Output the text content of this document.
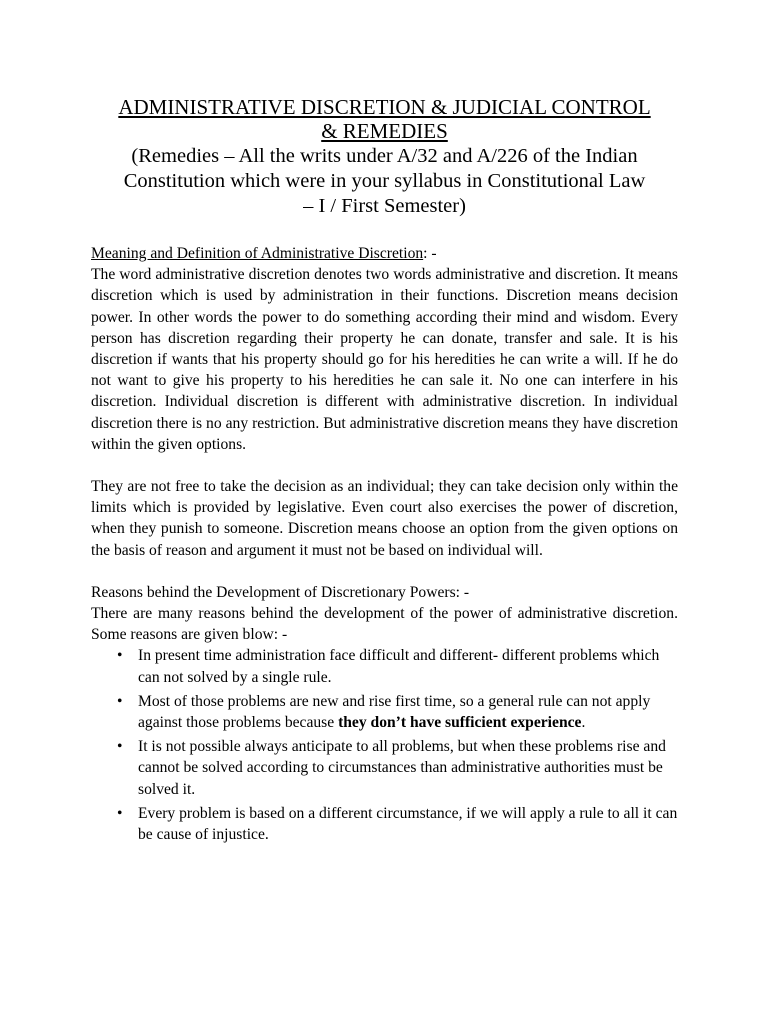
ADMINISTRATIVE DISCRETION & JUDICIAL CONTROL
& REMEDIES
(Remedies – All the writs under A/32 and A/226 of the Indian
Constitution which were in your syllabus in Constitutional Law
– I / First Semester)
Meaning and Definition of Administrative Discretion: -

The word administrative discretion denotes two words administrative and discretion. It means discretion which is used by administration in their functions. Discretion means decision power. In other words the power to do something according their mind and wisdom. Every person has discretion regarding their property he can donate, transfer and sale. It is his discretion if wants that his property should go for his heredities he can write a will. If he do not want to give his property to his heredities he can sale it. No one can interfere in his discretion. Individual discretion is different with administrative discretion. In individual discretion there is no any restriction. But administrative discretion means they have discretion within the given options.

They are not free to take the decision as an individual; they can take decision only within the limits which is provided by legislative. Even court also exercises the power of discretion, when they punish to someone. Discretion means choose an option from the given options on the basis of reason and argument it must not be based on individual will.

Reasons behind the Development of Discretionary Powers: -

There are many reasons behind the development of the power of administrative discretion. Some reasons are given blow: -

• In present time administration face difficult and different- different problems which can not solved by a single rule.
• Most of those problems are new and rise first time, so a general rule can not apply against those problems because they don’t have sufficient experience.
• It is not possible always anticipate to all problems, but when these problems rise and cannot be solved according to circumstances than administrative authorities must be solved it.
• Every problem is based on a different circumstance, if we will apply a rule to all it can be cause of injustice.
